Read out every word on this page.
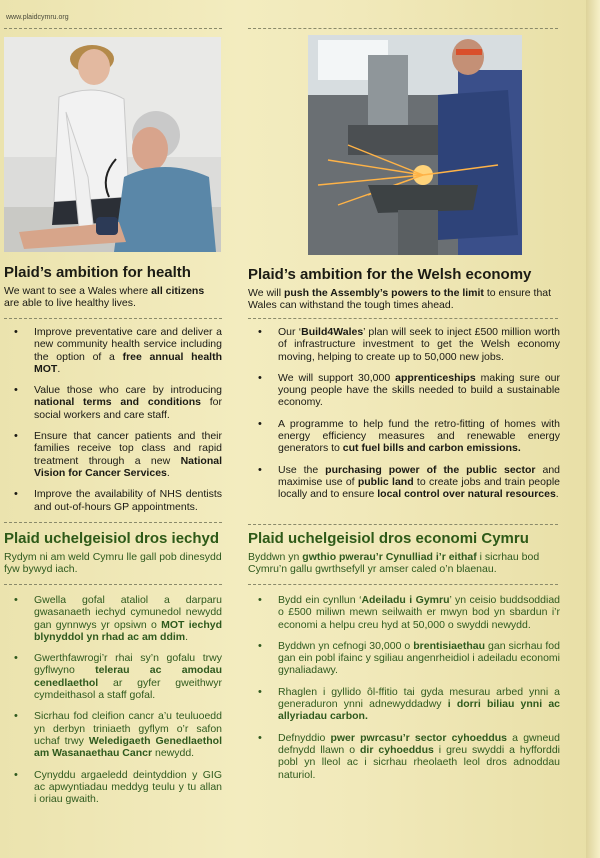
www.plaidcymru.org
Plaid’s ambition for health

We want to see a Wales where all citizens are able to live healthy lives.

• Improve preventative care and deliver a new community health service including the option of a free annual health MOT.
• Value those who care by introducing national terms and conditions for social workers and care staff.
• Ensure that cancer patients and their families receive top class and rapid treatment through a new National Vision for Cancer Services.
• Improve the availability of NHS dentists and out-of-hours GP appointments.
Plaid uchelgeisiol dros iechyd

Rydym ni am weld Cymru lle gall pob dinesydd fyw bywyd iach.

• Gwella gofal ataliol a darparu gwasanaeth iechyd cymunedol newydd gan gynnwys yr opsiwn o MOT iechyd blynyddol yn rhad ac am ddim.
• Gwerthfawrogi’r rhai sy’n gofalu trwy gyflwyno telerau ac amodau cenedlaethol ar gyfer gweithwyr cymdeithasol a staff gofal.
• Sicrhau fod cleifion cancr a’u teuluoedd yn derbyn triniaeth gyflym o’r safon uchaf trwy Weledigaeth Genedlaethol am Wasanaethau Cancr newydd.
• Cynyddu argaeledd deintyddion y GIG ac apwyntiadau meddyg teulu y tu allan i oriau gwaith.
Plaid’s ambition for the Welsh economy

We will push the Assembly’s powers to the limit to ensure that Wales can withstand the tough times ahead.

• Our ‘Build4Wales’ plan will seek to inject £500 million worth of infrastructure investment to get the Welsh economy moving, helping to create up to 50,000 new jobs.
• We will support 30,000 apprenticeships making sure our young people have the skills needed to build a sustainable economy.
• A programme to help fund the retro-fitting of homes with energy efficiency measures and renewable energy generators to cut fuel bills and carbon emissions.
• Use the purchasing power of the public sector and maximise use of public land to create jobs and train people locally and to ensure local control over natural resources.
Plaid uchelgeisiol dros economi Cymru

Byddwn yn gwthio pwerau’r Cynulliad i’r eithaf i sicrhau bod Cymru’n gallu gwrthsefyll yr amser caled o’n blaenau.

• Bydd ein cynllun ‘Adeiladu i Gymru’ yn ceisio buddsoddiad o £500 miliwn mewn seilwaith er mwyn bod yn sbardun i’r economi a helpu creu hyd at 50,000 o swyddi newydd.
• Byddwn yn cefnogi 30,000 o brentisiaethau gan sicrhau fod gan ein pobl ifainc y sgiliau angenrheidiol i adeiladu economi gynaliadawy.
• Rhaglen i gyllido ôl-ffitio tai gyda mesurau arbed ynni a generaduron ynni adnewyddadwy i dorri biliau ynni ac allyriadau carbon.
• Defnyddio pwer pwrcasu’r sector cyhoeddus a gwneud defnydd llawn o dir cyhoeddus i greu swyddi a hyfforddi pobl yn lleol ac i sicrhau rheolaeth leol dros adnoddau naturiol.
